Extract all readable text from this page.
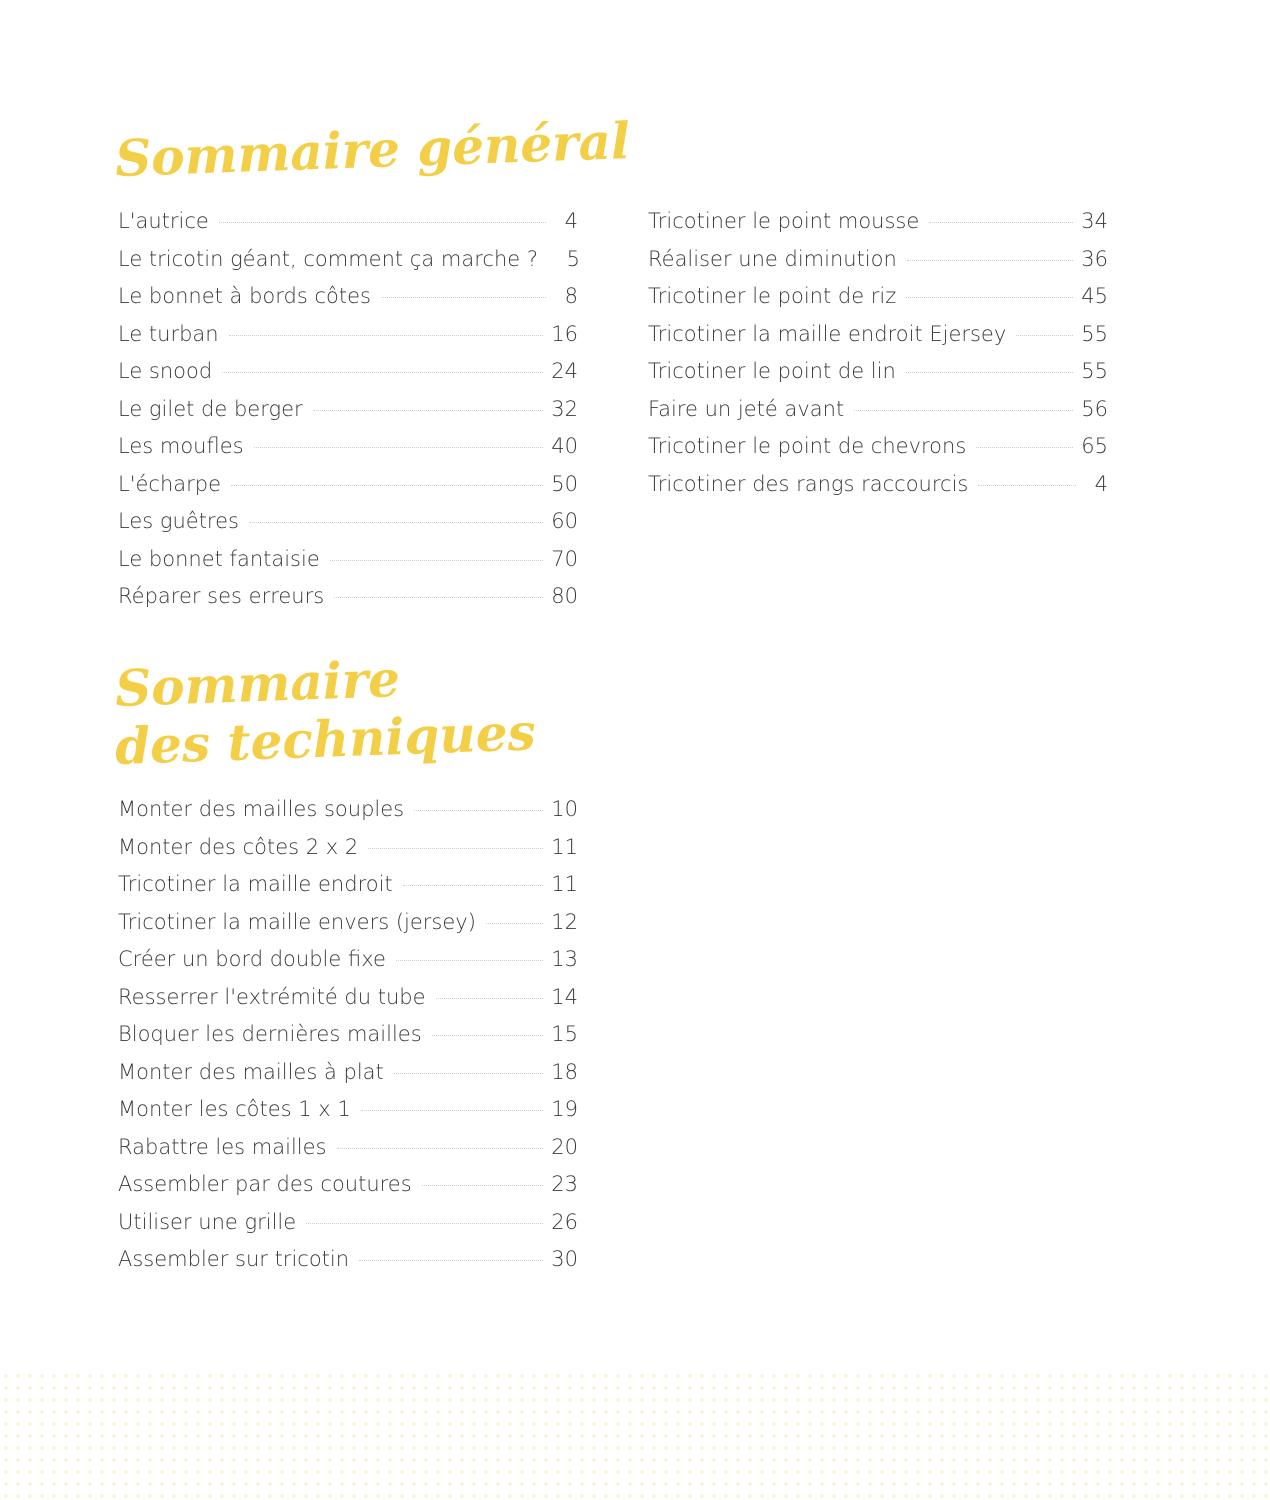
Sommaire général
L'autrice	4
Le tricotin géant, comment ça marche ?	5
Le bonnet à bords côtes	8
Le turban	16
Le snood	24
Le gilet de berger	32
Les moufles	40
L'écharpe	50
Les guêtres	60
Le bonnet fantaisie	70
Réparer ses erreurs	80
Tricotiner le point mousse	34
Réaliser une diminution	36
Tricotiner le point de riz	45
Tricotiner la maille endroit Ejersey	55
Tricotiner le point de lin	55
Faire un jeté avant	56
Tricotiner le point de chevrons	65
Tricotiner des rangs raccourcis	4
Sommaire
des techniques
Monter des mailles souples	10
Monter des côtes 2 x 2	11
Tricotiner la maille endroit	11
Tricotiner la maille envers (jersey)	12
Créer un bord double fixe	13
Resserrer l'extrémité du tube	14
Bloquer les dernières mailles	15
Monter des mailles à plat	18
Monter les côtes 1 x 1	19
Rabattre les mailles	20
Assembler par des coutures	23
Utiliser une grille	26
Assembler sur tricotin	30
